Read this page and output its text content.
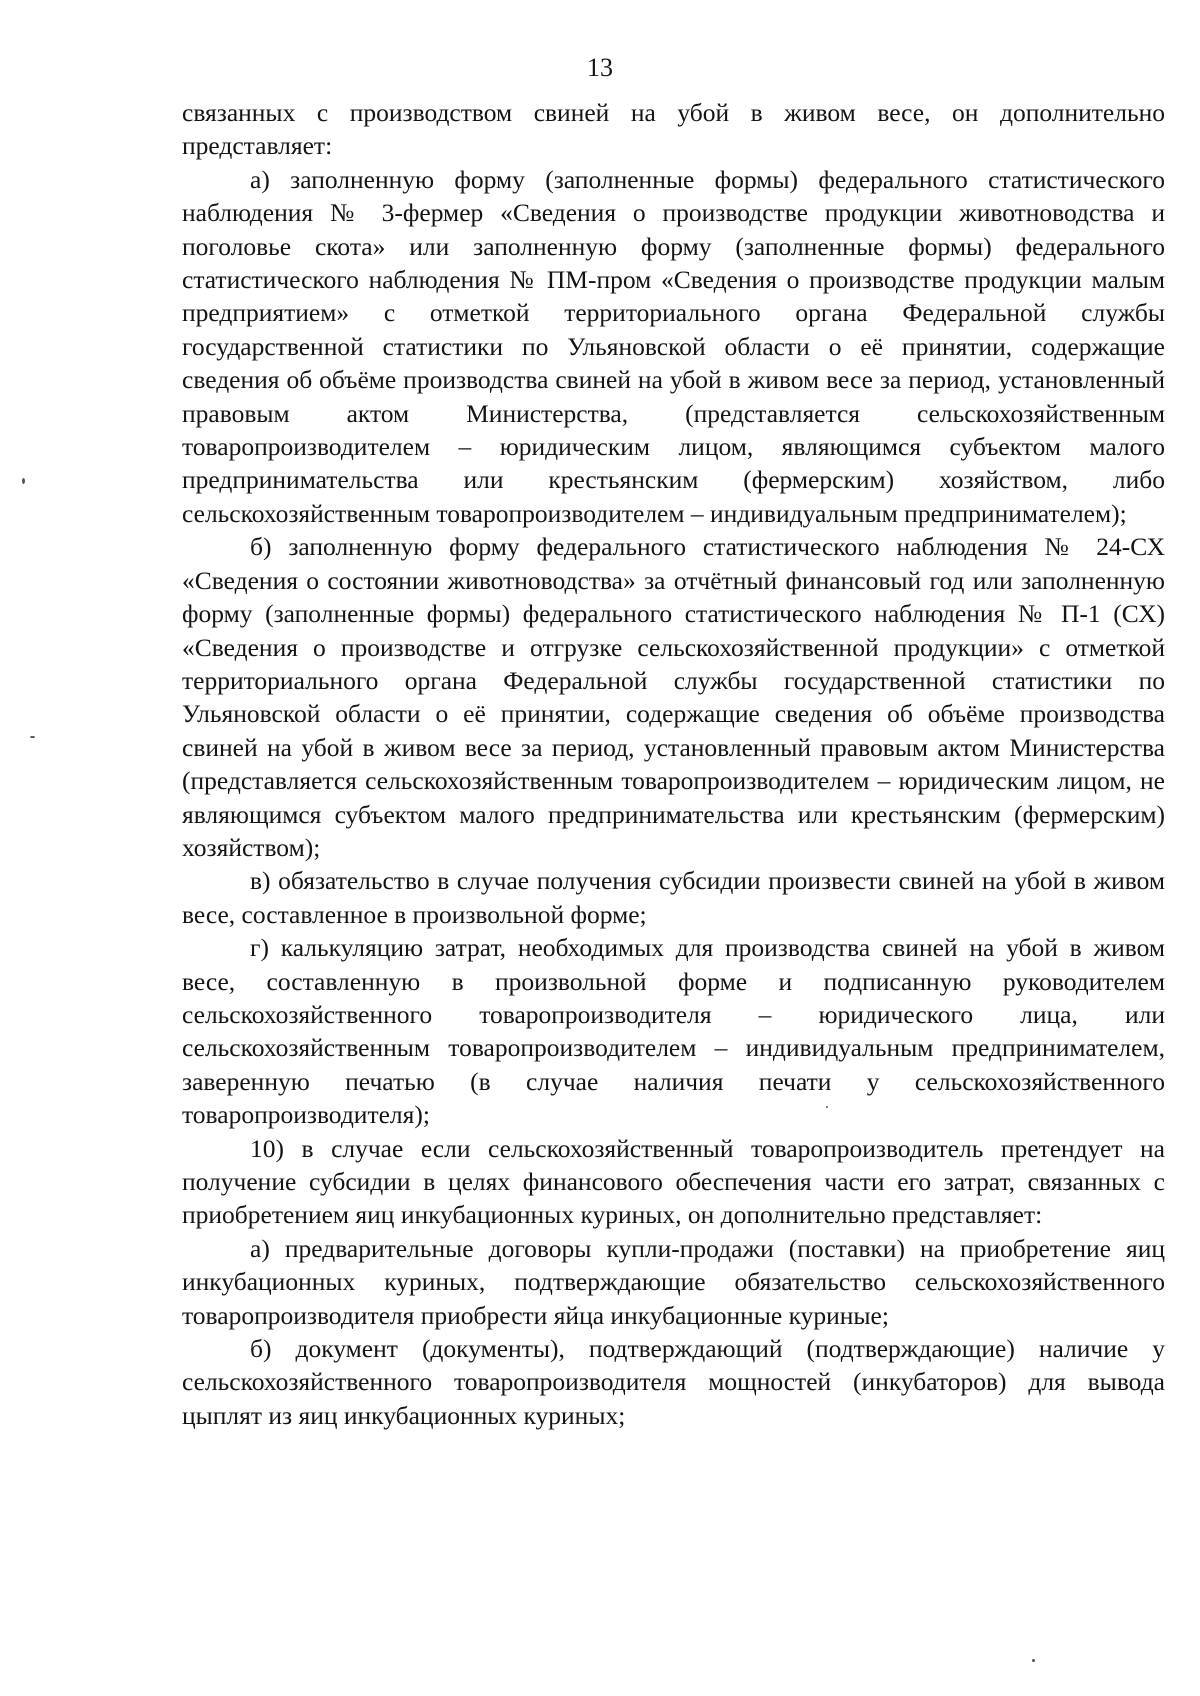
13

связанных с производством свиней на убой в живом весе, он дополнительно представляет:

а) заполненную форму (заполненные формы) федерального статистического наблюдения № 3-фермер «Сведения о производстве продукции животноводства и поголовье скота» или заполненную форму (заполненные формы) федерального статистического наблюдения № ПМ-пром «Сведения о производстве продукции малым предприятием» с отметкой территориального органа Федеральной службы государственной статистики по Ульяновской области о её принятии, содержащие сведения об объёме производства свиней на убой в живом весе за период, установленный правовым актом Министерства, (представляется сельскохозяйственным товаропроизводителем – юридическим лицом, являющимся субъектом малого предпринимательства или крестьянским (фермерским) хозяйством, либо сельскохозяйственным товаропроизводителем – индивидуальным предпринимателем);

б) заполненную форму федерального статистического наблюдения № 24-СХ «Сведения о состоянии животноводства» за отчётный финансовый год или заполненную форму (заполненные формы) федерального статистического наблюдения № П-1 (СХ) «Сведения о производстве и отгрузке сельскохозяйственной продукции» с отметкой территориального органа Федеральной службы государственной статистики по Ульяновской области о её принятии, содержащие сведения об объёме производства свиней на убой в живом весе за период, установленный правовым актом Министерства (представляется сельскохозяйственным товаропроизводителем – юридическим лицом, не являющимся субъектом малого предпринимательства или крестьянским (фермерским) хозяйством);

в) обязательство в случае получения субсидии произвести свиней на убой в живом весе, составленное в произвольной форме;

г) калькуляцию затрат, необходимых для производства свиней на убой в живом весе, составленную в произвольной форме и подписанную руководителем сельскохозяйственного товаропроизводителя – юридического лица, или сельскохозяйственным товаропроизводителем – индивидуальным предпринимателем, заверенную печатью (в случае наличия печати у сельскохозяйственного товаропроизводителя);

10) в случае если сельскохозяйственный товаропроизводитель претендует на получение субсидии в целях финансового обеспечения части его затрат, связанных с приобретением яиц инкубационных куриных, он дополнительно представляет:

а) предварительные договоры купли-продажи (поставки) на приобретение яиц инкубационных куриных, подтверждающие обязательство сельскохозяйственного товаропроизводителя приобрести яйца инкубационные куриные;

б) документ (документы), подтверждающий (подтверждающие) наличие у сельскохозяйственного товаропроизводителя мощностей (инкубаторов) для вывода цыплят из яиц инкубационных куриных;
